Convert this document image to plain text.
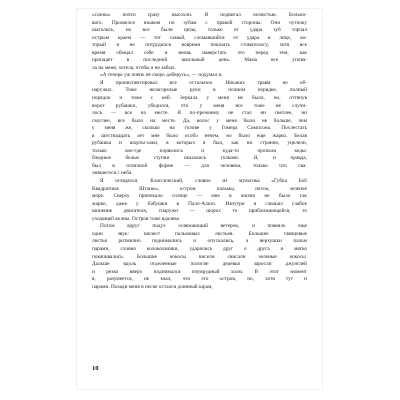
«слезы» почти сразу высохли. Я подвигал челюстью. Больно-
вато. Прошелся языком по зубам с правой стороны. Они чуточку
шатались, но все были целы, только от удара зуб торчал
острым краем — тот самый, сломавшийся от удара в лицо, ко-
торый я не потрудился вовремя показать стоматологу, хотя все
время обещал себе и вновь наверстать это перед тем, как
пропадет в последний школьный день. Мама все упова-
ла на меня, хотела, чтобы я не забыл.
«А теперь уж очень не скоро доберусь», — подумал я.
Я проинспектировал все остальное. Никаких травм не об-
наружил. Тоже незагорелые руки в полном порядке, полный
порядок и тоже с кей. Зеркала у меня не было, но, оттянув
ворот рубашки, убедился, что у меня все тоже не случи-
лось — все на месте. Я по-прежнему не стал ни светлее, ни
смуглее, все было на месте. Да, волос у меня было не больше, чем
у меня же, сколько на голове у Гомера Симпсона. Похлестать
в шестнадцать лет мне было особо нечем, но было еще жарко. Белая
рубашка и шорты-хаки, в которых я был, как ни странно, уцелели,
только кое-где порвались и куда-то пропали кеды:
бледные белые ступни оказались голыми. Я, и правда,
был в отличной форме — для человека, только что сва-
лившегося с неба.
Я огляделся. Классический, словно из мультика «Губка Боб
Квадратные Штаны», остров: пальмы, песок, зеленое
море. Сверху припекало солнце — мне в жизни не было так
жарко, даже у бабушки в Пало-Альто. Изнутри я слышал слабое
шипение двигателя, снаружи — шорох то приближающейся, то
уходящей волны. Остров тоже вдалеке.
Потом вдруг подул освежающий ветерок, и повеяло еще
один звук: шелест пальмовых листьев. Большие глянцевые
листья ритмично поднимались и опускались, а верхушки пальм
парами, словно колокольчики, ударялись друг о друга и мягко
покачивались. Большие кокосы висели свисали зеленые кокосы.
Дальше вдоль отделенные пологие деревья заросли джунглей
и резко вверх поднимался изумрудный холм. В этот момент
я, разумеется, не знал, что это остров, но, хотя тут и
парами. Позади меня в песке остался длинный шрам,
10
